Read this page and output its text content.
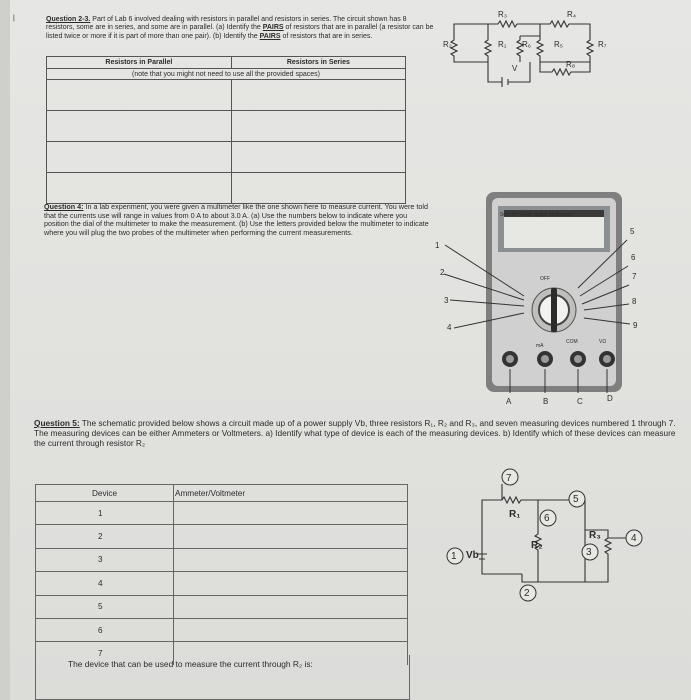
|	Question 2-3. Part of Lab 6 involved dealing with resistors in parallel and resistors in series. The circuit shown has 8 resistors, some are in series, and some are in parallel. (a) Identify the PAIRS of resistors that are in parallel (a resistor can be listed twice or more if it is part of more than one pair). (b) Identify the PAIRS of resistors that are in series.
Resistors in Parallel	Resistors in Series
(note that you might not need to use all the provided spaces)	

R₃	R₄
R₂	R₁ R₆	R₅	R₇
V	R₈
Question 4: In a lab experiment, you were given a multimeter like the one shown here to measure current. You were told that the currents use will range in values from 0 A to about 3.0 A. (a) Use the numbers below to indicate where you position the dial of the multimeter to make the measurement. (b) Use the letters provided below the multimeter to indicate where you will plug the two probes of the multimeter when performing the current measurements.
SOUTH-WIRE Digital Multimeter
OFF
COM
mA
VΩ
1
2
3
4
5
6
7
8
9
A	B	C	D
Question 5: The schematic provided below shows a circuit made up of a power supply Vb, three resistors R₁, R₂ and R₃, and seven measuring devices numbered 1 through 7. The measuring devices can be either Ammeters or Voltmeters. a) Identify what type of device is each of the measuring devices. b) Identify which of these devices can measure the current through resistor R₂
Device	Ammeter/Voltmeter
1	
2	
3	
4	
5	
6	
7	
The device that can be used to measure the current through R₂ is:
7
5
6
3
4
1
2
R₁
R₂
R₃
Vb
